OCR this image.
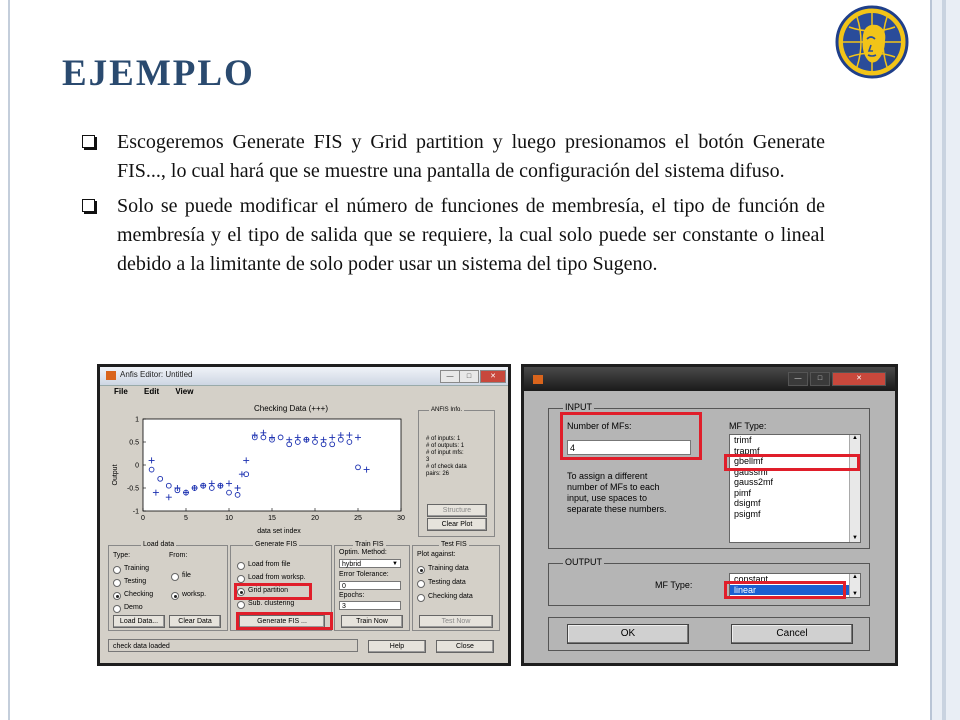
EJEMPLO
Escogeremos Generate FIS y Grid partition y luego presionamos el botón Generate FIS..., lo cual hará que se muestre una pantalla de configuración del sistema difuso.
Solo se puede modificar el número de funciones de membresía, el tipo de función de membresía y el tipo de salida que se requiere, la cual solo puede ser constante o lineal debido a la limitante de solo poder usar un sistema del tipo Sugeno.
Anfis Editor: Untitled	—	□	✕
File Edit View
Checking Data (+++)
Output
data set index
0	5	10	15	20	25	30
-1
-0.5
0
0.5
1
ANFIS Info.
# of inputs: 1
# of outputs: 1
# of input mfs:
3
# of check data
pairs: 26
Structure
Clear Plot
Load data
Type:	From:
Training
Testing
Checking
Demo
file
worksp.
Load Data...	Clear Data
Generate FIS
Load from file
Load from worksp.
Grid partition
Sub. clustering
Generate FIS ...
Train FIS
Optim. Method:
hybrid	▼
Error Tolerance:
0
Epochs:
3
Train Now
Test FIS
Plot against:
Training data
Testing data
Checking data
Test Now
check data loaded	Help	Close
—	□	✕
INPUT
Number of MFs:
4
To assign a different
number of MFs to each
input, use spaces to
separate these numbers.
MF Type:
trimf
trapmf
gbellmf
gaussmf
gauss2mf
pimf
dsigmf
psigmf
▲
▼
OUTPUT
MF Type:
constant
linear
▲
▼
OK	Cancel
